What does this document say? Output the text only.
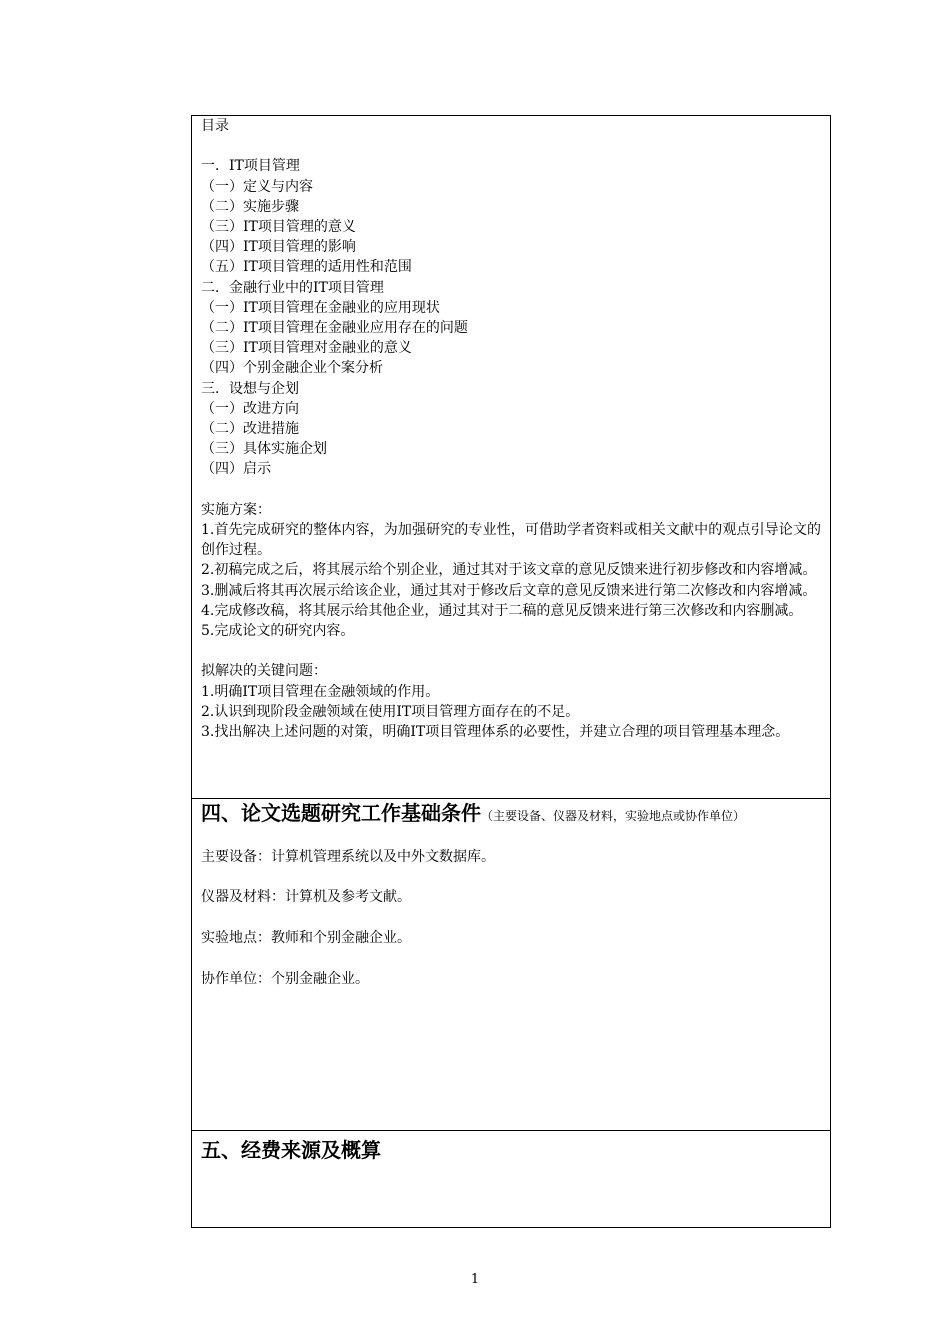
目录
一．IT项目管理
（一）定义与内容
（二）实施步骤
（三）IT项目管理的意义
（四）IT项目管理的影响
（五）IT项目管理的适用性和范围
二．金融行业中的IT项目管理
（一）IT项目管理在金融业的应用现状
（二）IT项目管理在金融业应用存在的问题
（三）IT项目管理对金融业的意义
（四）个别金融企业个案分析
三．设想与企划
（一）改进方向
（二）改进措施
（三）具体实施企划
（四）启示
实施方案：
1.首先完成研究的整体内容，为加强研究的专业性，可借助学者资料或相关文献中的观点引导论文的创作过程。
2.初稿完成之后，将其展示给个别企业，通过其对于该文章的意见反馈来进行初步修改和内容增减。
3.删减后将其再次展示给该企业，通过其对于修改后文章的意见反馈来进行第二次修改和内容增减。
4.完成修改稿，将其展示给其他企业，通过其对于二稿的意见反馈来进行第三次修改和内容删减。
5.完成论文的研究内容。
拟解决的关键问题：
1.明确IT项目管理在金融领域的作用。
2.认识到现阶段金融领域在使用IT项目管理方面存在的不足。
3.找出解决上述问题的对策，明确IT项目管理体系的必要性，并建立合理的项目管理基本理念。
四、论文选题研究工作基础条件（主要设备、仪器及材料，实验地点或协作单位）
主要设备：计算机管理系统以及中外文数据库。
仪器及材料：计算机及参考文献。
实验地点：教师和个别金融企业。
协作单位：个别金融企业。
五、经费来源及概算
1
